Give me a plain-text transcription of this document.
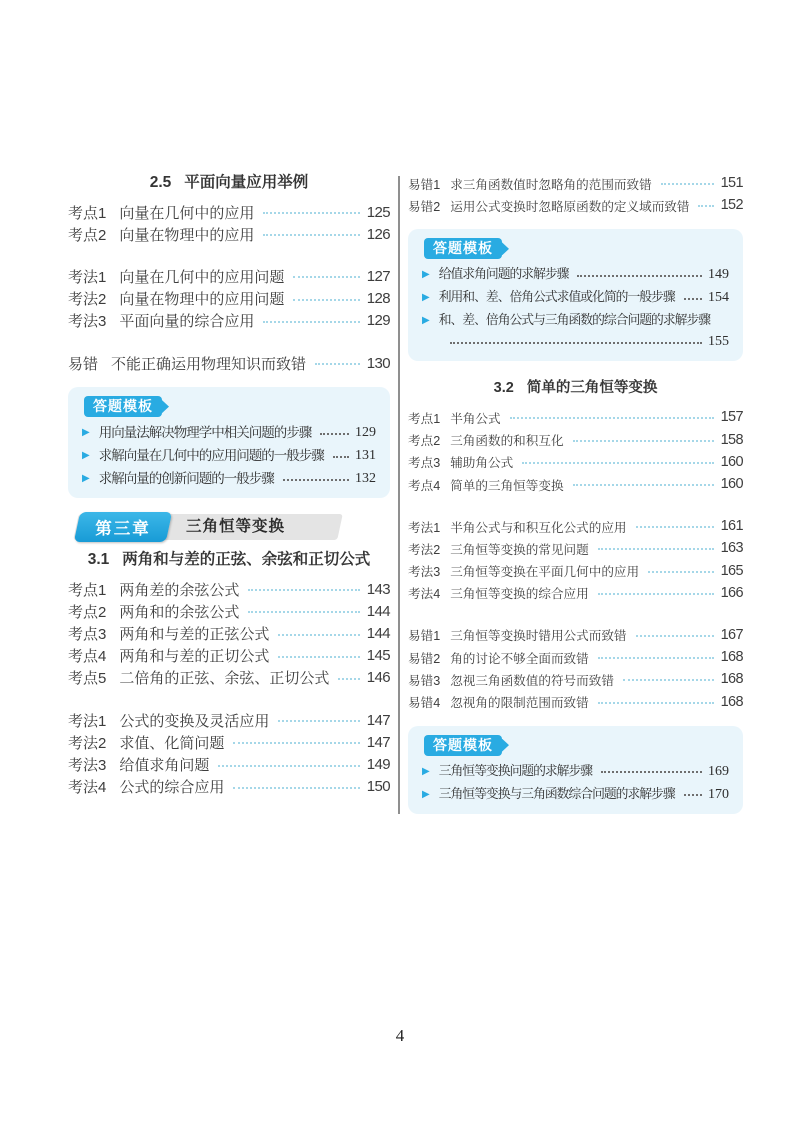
2.5 平面向量应用举例
考点1 向量在几何中的应用	125
考点2 向量在物理中的应用	126
考法1 向量在几何中的应用问题	127
考法2 向量在物理中的应用问题	128
考法3 平面向量的综合应用	129
易错 不能正确运用物理知识而致错	130
答题模板
▶ 用向量法解决物理学中相关问题的步骤	129
▶ 求解向量在几何中的应用问题的一般步骤 131
▶ 求解向量的创新问题的一般步骤	132
第三章	三角恒等变换
3.1 两角和与差的正弦、余弦和正切公式
考点1 两角差的余弦公式	143
考点2 两角和的余弦公式	144
考点3 两角和与差的正弦公式	144
考点4 两角和与差的正切公式	145
考点5 二倍角的正弦、余弦、正切公式 146
考法1 公式的变换及灵活应用	147
考法2 求值、化简问题	147
考法3 给值求角问题	149
考法4 公式的综合应用	150
易错1 求三角函数值时忽略角的范围而致错	151
易错2 运用公式变换时忽略原函数的定义域而致错 152
答题模板
▶ 给值求角问题的求解步骤	149
▶ 利用和、差、倍角公式求值或化简的一般步骤 154
▶ 和、差、倍角公式与三角函数的综合问题的求解步骤
155
3.2 简单的三角恒等变换
考点1 半角公式	157
考点2 三角函数的和积互化	158
考点3 辅助角公式	160
考点4 简单的三角恒等变换	160
考法1 半角公式与和积互化公式的应用	161
考法2 三角恒等变换的常见问题	163
考法3 三角恒等变换在平面几何中的应用	165
考法4 三角恒等变换的综合应用	166
易错1 三角恒等变换时错用公式而致错	167
易错2 角的讨论不够全面而致错	168
易错3 忽视三角函数值的符号而致错	168
易错4 忽视角的限制范围而致错	168
答题模板
▶ 三角恒等变换问题的求解步骤	169
▶ 三角恒等变换与三角函数综合问题的求解步骤 170
4
